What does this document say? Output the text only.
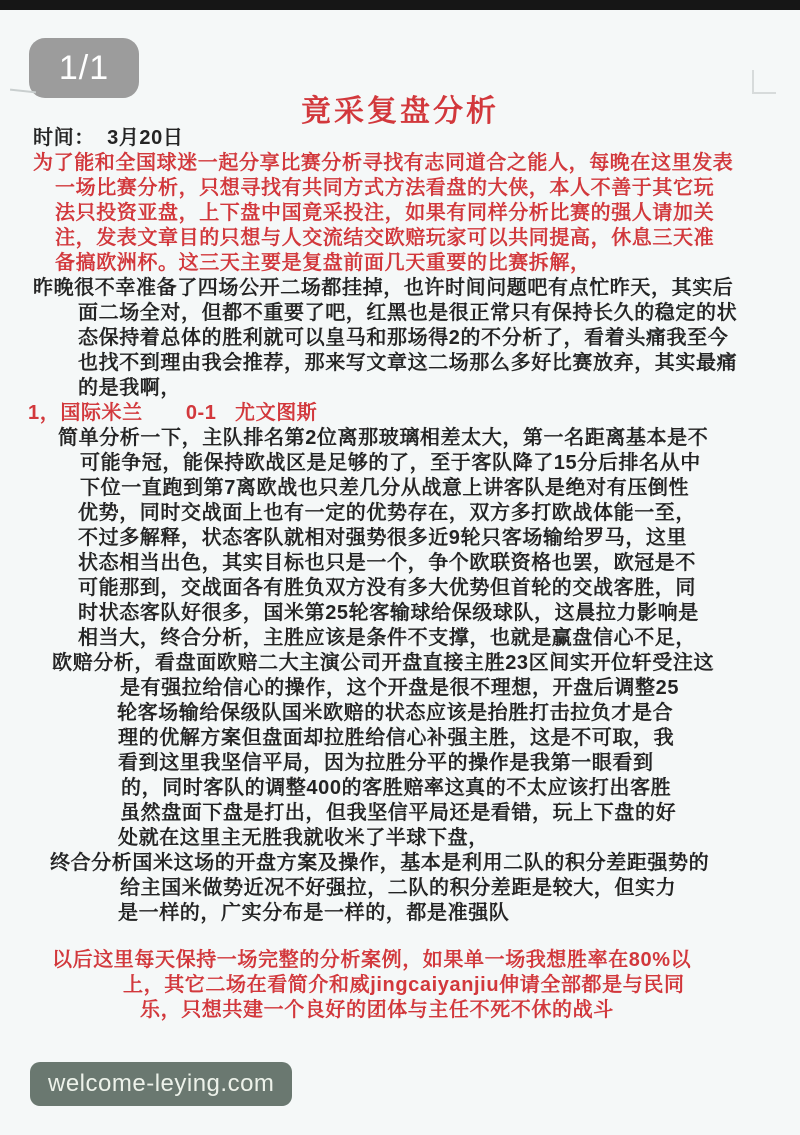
1/1
竟采复盘分析
时间：  3月20日
为了能和全国球迷一起分享比赛分析寻找有志同道合之能人，每晚在这里发表
一场比赛分析，只想寻找有共同方式方法看盘的大侠，本人不善于其它玩
法只投资亚盘，上下盘中国竟采投注，如果有同样分析比赛的强人请加关
注，发表文章目的只想与人交流结交欧赔玩家可以共同提高，休息三天准
备搞欧洲杯。这三天主要是复盘前面几天重要的比赛拆解，
昨晚很不幸准备了四场公开二场都挂掉，也许时间问题吧有点忙昨天，其实后
面二场全对，但都不重要了吧，红黑也是很正常只有保持长久的稳定的状
态保持着总体的胜利就可以皇马和那场得2的不分析了，看着头痛我至今
也找不到理由我会推荐，那来写文章这二场那么多好比赛放弃，其实最痛
的是我啊，
1，国际米兰       0-1   尤文图斯
简单分析一下，主队排名第2位离那玻璃相差太大，第一名距离基本是不
可能争冠，能保持欧战区是足够的了，至于客队降了15分后排名从中
下位一直跑到第7离欧战也只差几分从战意上讲客队是绝对有压倒性
优势，同时交战面上也有一定的优势存在，双方多打欧战体能一至，
不过多解释，状态客队就相对强势很多近9轮只客场输给罗马，这里
状态相当出色，其实目标也只是一个，争个欧联资格也罢，欧冠是不
可能那到，交战面各有胜负双方没有多大优势但首轮的交战客胜，同
时状态客队好很多，国米第25轮客输球给保级球队，这晨拉力影响是
相当大，终合分析，主胜应该是条件不支撑，也就是赢盘信心不足，
欧赔分析，看盘面欧赔二大主演公司开盘直接主胜23区间实开位轩受注这
是有强拉给信心的操作，这个开盘是很不理想，开盘后调整25
轮客场输给保级队国米欧赔的状态应该是抬胜打击拉负才是合
理的优解方案但盘面却拉胜给信心补强主胜，这是不可取，我
看到这里我坚信平局，因为拉胜分平的操作是我第一眼看到
的，同时客队的调整400的客胜赔率这真的不太应该打出客胜
虽然盘面下盘是打出，但我坚信平局还是看错，玩上下盘的好
处就在这里主无胜我就收米了半球下盘，
终合分析国米这场的开盘方案及操作，基本是利用二队的积分差距强势的
给主国米做势近况不好强拉，二队的积分差距是较大，但实力
是一样的，广实分布是一样的，都是准强队
以后这里每天保持一场完整的分析案例，如果单一场我想胜率在80%以
上，其它二场在看简介和威jingcaiyanjiu伸请全部都是与民同
乐，只想共建一个良好的团体与主任不死不休的战斗
welcome-leying.com
